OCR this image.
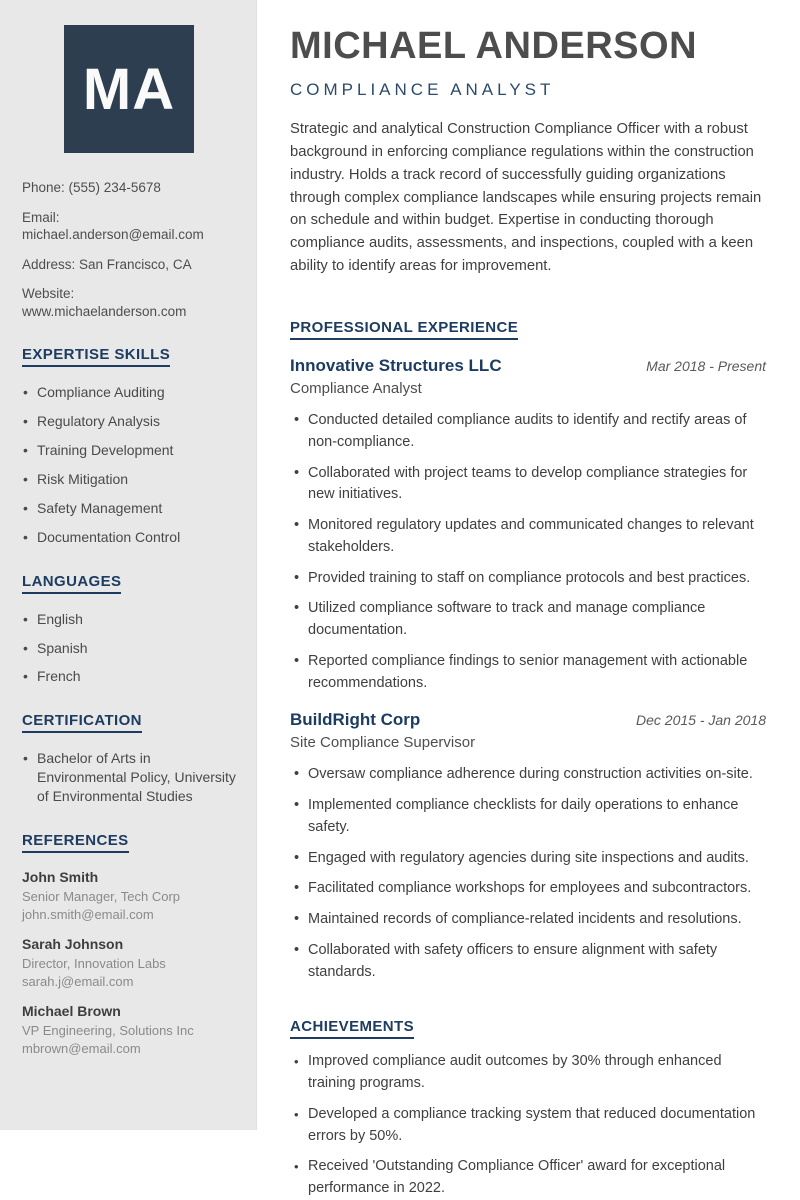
MA
Phone: (555) 234-5678
Email: michael.anderson@email.com
Address: San Francisco, CA
Website: www.michaelanderson.com
EXPERTISE SKILLS
• Compliance Auditing
• Regulatory Analysis
• Training Development
• Risk Mitigation
• Safety Management
• Documentation Control
LANGUAGES
• English
• Spanish
• French
CERTIFICATION
• Bachelor of Arts in Environmental Policy, University of Environmental Studies
REFERENCES
John Smith
Senior Manager, Tech Corp
john.smith@email.com
Sarah Johnson
Director, Innovation Labs
sarah.j@email.com
Michael Brown
VP Engineering, Solutions Inc
mbrown@email.com
MICHAEL ANDERSON
COMPLIANCE ANALYST

Strategic and analytical Construction Compliance Officer with a robust background in enforcing compliance regulations within the construction industry. Holds a track record of successfully guiding organizations through complex compliance landscapes while ensuring projects remain on schedule and within budget. Expertise in conducting thorough compliance audits, assessments, and inspections, coupled with a keen ability to identify areas for improvement.

PROFESSIONAL EXPERIENCE
Innovative Structures LLC	Mar 2018 - Present
Compliance Analyst
• Conducted detailed compliance audits to identify and rectify areas of non-compliance.
• Collaborated with project teams to develop compliance strategies for new initiatives.
• Monitored regulatory updates and communicated changes to relevant stakeholders.
• Provided training to staff on compliance protocols and best practices.
• Utilized compliance software to track and manage compliance documentation.
• Reported compliance findings to senior management with actionable recommendations.
BuildRight Corp	Dec 2015 - Jan 2018
Site Compliance Supervisor
• Oversaw compliance adherence during construction activities on-site.
• Implemented compliance checklists for daily operations to enhance safety.
• Engaged with regulatory agencies during site inspections and audits.
• Facilitated compliance workshops for employees and subcontractors.
• Maintained records of compliance-related incidents and resolutions.
• Collaborated with safety officers to ensure alignment with safety standards.
ACHIEVEMENTS
• Improved compliance audit outcomes by 30% through enhanced training programs.
• Developed a compliance tracking system that reduced documentation errors by 50%.
• Received 'Outstanding Compliance Officer' award for exceptional performance in 2022.
